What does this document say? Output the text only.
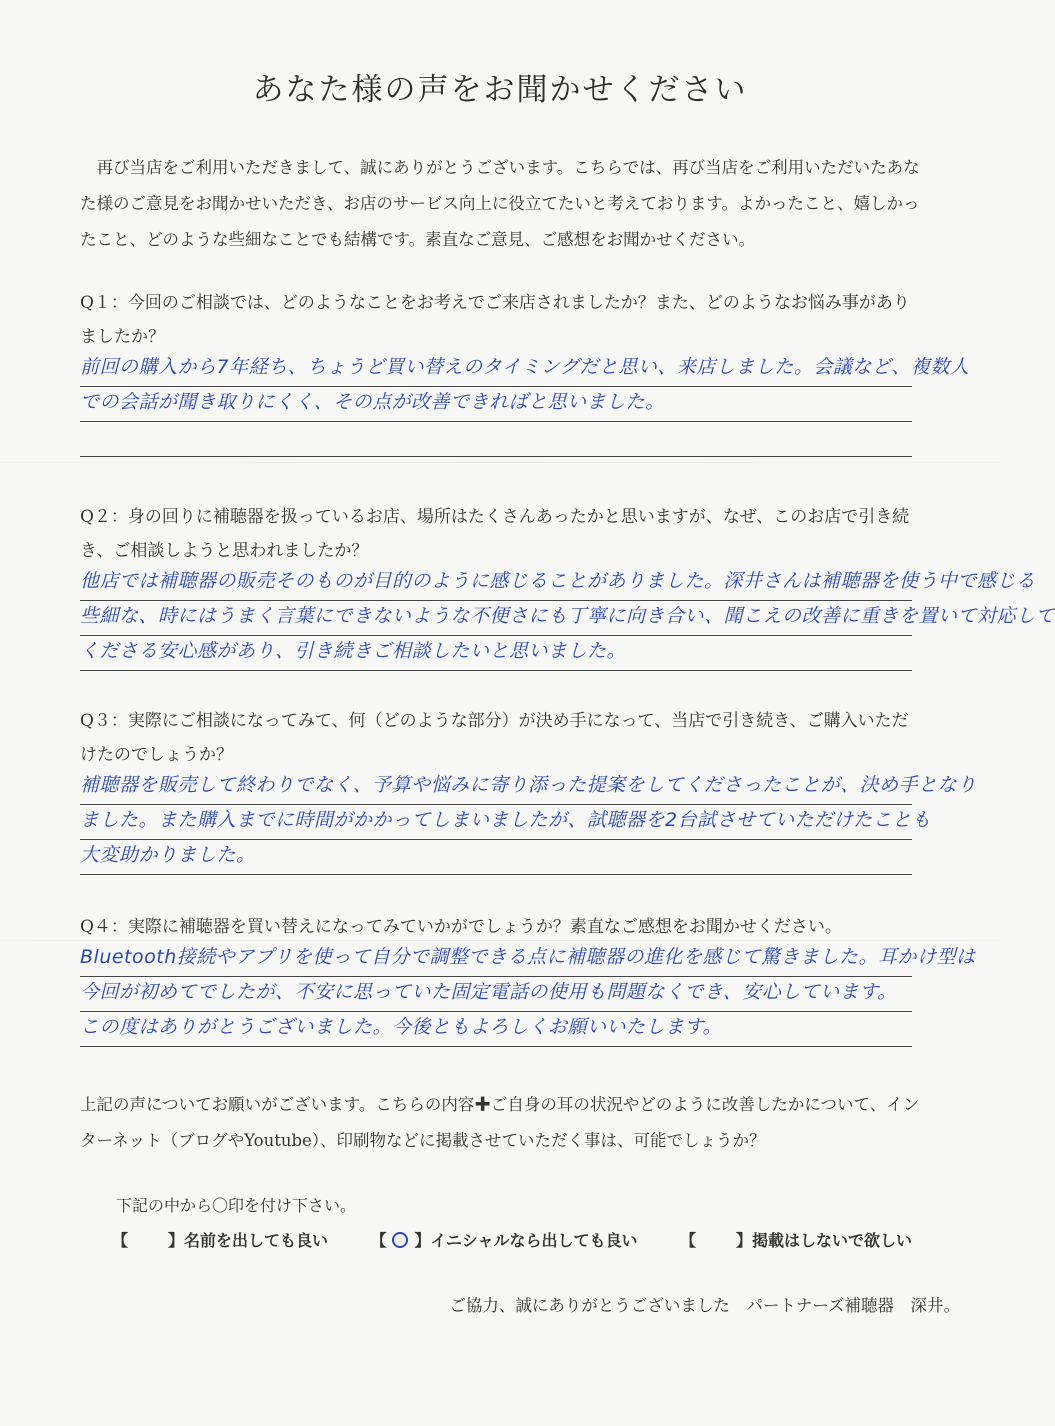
あなた様の声をお聞かせください
再び当店をご利用いただきまして、誠にありがとうございます。こちらでは、再び当店をご利用いただいたあなた様のご意見をお聞かせいただき、お店のサービス向上に役立てたいと考えております。よかったこと、嬉しかったこと、どのような些細なことでも結構です。素直なご意見、ご感想をお聞かせください。
Q１：今回のご相談では、どのようなことをお考えでご来店されましたか？また、どのようなお悩み事がありましたか？
前回の購入から7年経ち、ちょうど買い替えのタイミングだと思い、来店しました。会議など、複数人
での会話が聞き取りにくく、その点が改善できればと思いました。
Q２：身の回りに補聴器を扱っているお店、場所はたくさんあったかと思いますが、なぜ、このお店で引き続き、ご相談しようと思われましたか？
他店では補聴器の販売そのものが目的のように感じることがありました。深井さんは補聴器を使う中で感じる
些細な、時にはうまく言葉にできないような不便さにも丁寧に向き合い、聞こえの改善に重きを置いて対応して
くださる安心感があり、引き続きご相談したいと思いました。
Q３：実際にご相談になってみて、何（どのような部分）が決め手になって、当店で引き続き、ご購入いただけたのでしょうか？
補聴器を販売して終わりでなく、予算や悩みに寄り添った提案をしてくださったことが、決め手となり
ました。また購入までに時間がかかってしまいましたが、試聴器を2台試させていただけたことも
大変助かりました。
Q４：実際に補聴器を買い替えになってみていかがでしょうか？素直なご感想をお聞かせください。
Bluetooth接続やアプリを使って自分で調整できる点に補聴器の進化を感じて驚きました。耳かけ型は
今回が初めてでしたが、不安に思っていた固定電話の使用も問題なくでき、安心しています。
この度はありがとうございました。今後ともよろしくお願いいたします。
上記の声についてお願いがございます。こちらの内容✚ご自身の耳の状況やどのように改善したかについて、インターネット（ブログやYoutube）、印刷物などに掲載させていただく事は、可能でしょうか？
下記の中から〇印を付け下さい。
【	】 名前を出しても良い	【 ○ 】 イニシャルなら出しても良い	【	】 掲載はしないで欲しい
ご協力、誠にありがとうございました　パートナーズ補聴器　深井。
